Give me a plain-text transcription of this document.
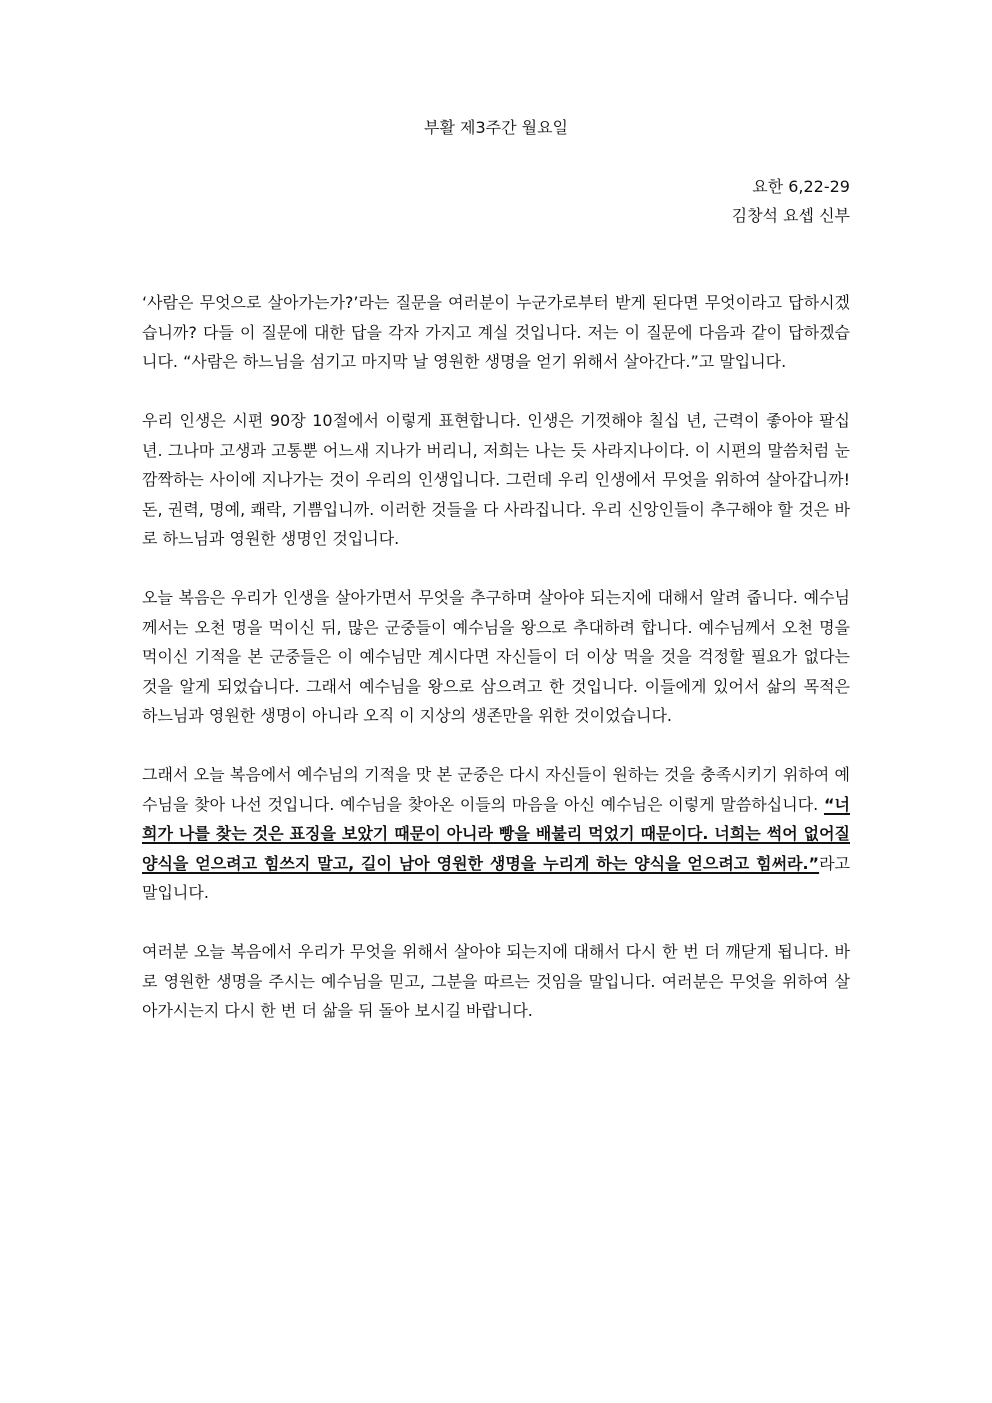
부활 제3주간 월요일
요한 6,22-29
김창석 요셉 신부

‘사람은 무엇으로 살아가는가?’라는 질문을 여러분이 누군가로부터 받게 된다면 무엇이라고 답하시겠습니까? 다들 이 질문에 대한 답을 각자 가지고 계실 것입니다. 저는 이 질문에 다음과 같이 답하겠습니다. “사람은 하느님을 섬기고 마지막 날 영원한 생명을 얻기 위해서 살아간다.”고 말입니다.

우리 인생은 시편 90장 10절에서 이렇게 표현합니다. 인생은 기껏해야 칠십 년, 근력이 좋아야 팔십 년. 그나마 고생과 고통뿐 어느새 지나가 버리니, 저희는 나는 듯 사라지나이다. 이 시편의 말씀처럼 눈 깜짝하는 사이에 지나가는 것이 우리의 인생입니다. 그런데 우리 인생에서 무엇을 위하여 살아갑니까! 돈, 권력, 명예, 쾌락, 기쁨입니까. 이러한 것들을 다 사라집니다. 우리 신앙인들이 추구해야 할 것은 바로 하느님과 영원한 생명인 것입니다.

오늘 복음은 우리가 인생을 살아가면서 무엇을 추구하며 살아야 되는지에 대해서 알려 줍니다. 예수님께서는 오천 명을 먹이신 뒤, 많은 군중들이 예수님을 왕으로 추대하려 합니다. 예수님께서 오천 명을 먹이신 기적을 본 군중들은 이 예수님만 계시다면 자신들이 더 이상 먹을 것을 걱정할 필요가 없다는 것을 알게 되었습니다. 그래서 예수님을 왕으로 삼으려고 한 것입니다. 이들에게 있어서 삶의 목적은 하느님과 영원한 생명이 아니라 오직 이 지상의 생존만을 위한 것이었습니다.

그래서 오늘 복음에서 예수님의 기적을 맛 본 군중은 다시 자신들이 원하는 것을 충족시키기 위하여 예수님을 찾아 나선 것입니다. 예수님을 찾아온 이들의 마음을 아신 예수님은 이렇게 말씀하십니다. “너희가 나를 찾는 것은 표징을 보았기 때문이 아니라 빵을 배불리 먹었기 때문이다. 너희는 썩어 없어질 양식을 얻으려고 힘쓰지 말고, 길이 남아 영원한 생명을 누리게 하는 양식을 얻으려고 힘써라.”라고 말입니다.

여러분 오늘 복음에서 우리가 무엇을 위해서 살아야 되는지에 대해서 다시 한 번 더 깨닫게 됩니다. 바로 영원한 생명을 주시는 예수님을 믿고, 그분을 따르는 것임을 말입니다. 여러분은 무엇을 위하여 살아가시는지 다시 한 번 더 삶을 뒤 돌아 보시길 바랍니다.
